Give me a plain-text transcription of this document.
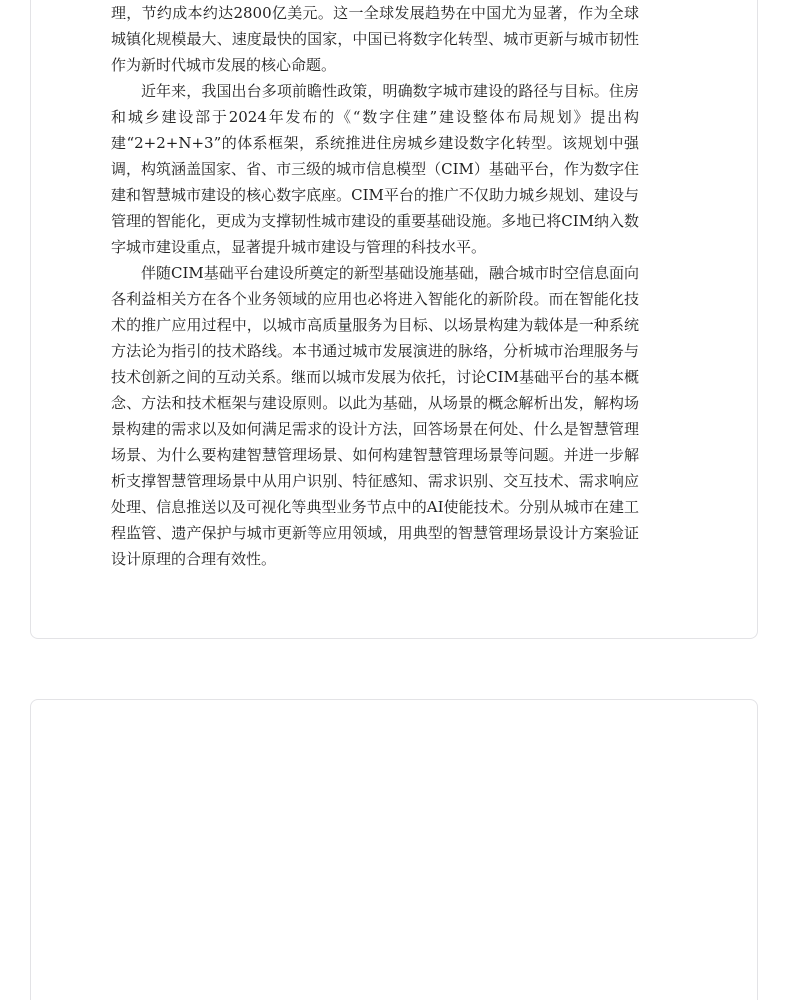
理，节约成本约达2800亿美元。这一全球发展趋势在中国尤为显著，作为全球城镇化规模最大、速度最快的国家，中国已将数字化转型、城市更新与城市韧性作为新时代城市发展的核心命题。

近年来，我国出台多项前瞻性政策，明确数字城市建设的路径与目标。住房和城乡建设部于2024年发布的《“数字住建”建设整体布局规划》提出构建“2+2+N+3”的体系框架，系统推进住房城乡建设数字化转型。该规划中强调，构筑涵盖国家、省、市三级的城市信息模型（CIM）基础平台，作为数字住建和智慧城市建设的核心数字底座。CIM平台的推广不仅助力城乡规划、建设与管理的智能化，更成为支撑韧性城市建设的重要基础设施。多地已将CIM纳入数字城市建设重点，显著提升城市建设与管理的科技水平。

伴随CIM基础平台建设所奠定的新型基础设施基础，融合城市时空信息面向各利益相关方在各个业务领域的应用也必将进入智能化的新阶段。而在智能化技术的推广应用过程中，以城市高质量服务为目标、以场景构建为载体是一种系统方法论为指引的技术路线。本书通过城市发展演进的脉络，分析城市治理服务与技术创新之间的互动关系。继而以城市发展为依托，讨论CIM基础平台的基本概念、方法和技术框架与建设原则。以此为基础，从场景的概念解析出发，解构场景构建的需求以及如何满足需求的设计方法，回答场景在何处、什么是智慧管理场景、为什么要构建智慧管理场景、如何构建智慧管理场景等问题。并进一步解析支撑智慧管理场景中从用户识别、特征感知、需求识别、交互技术、需求响应处理、信息推送以及可视化等典型业务节点中的AI使能技术。分别从城市在建工程监管、遗产保护与城市更新等应用领域，用典型的智慧管理场景设计方案验证设计原理的合理有效性。
